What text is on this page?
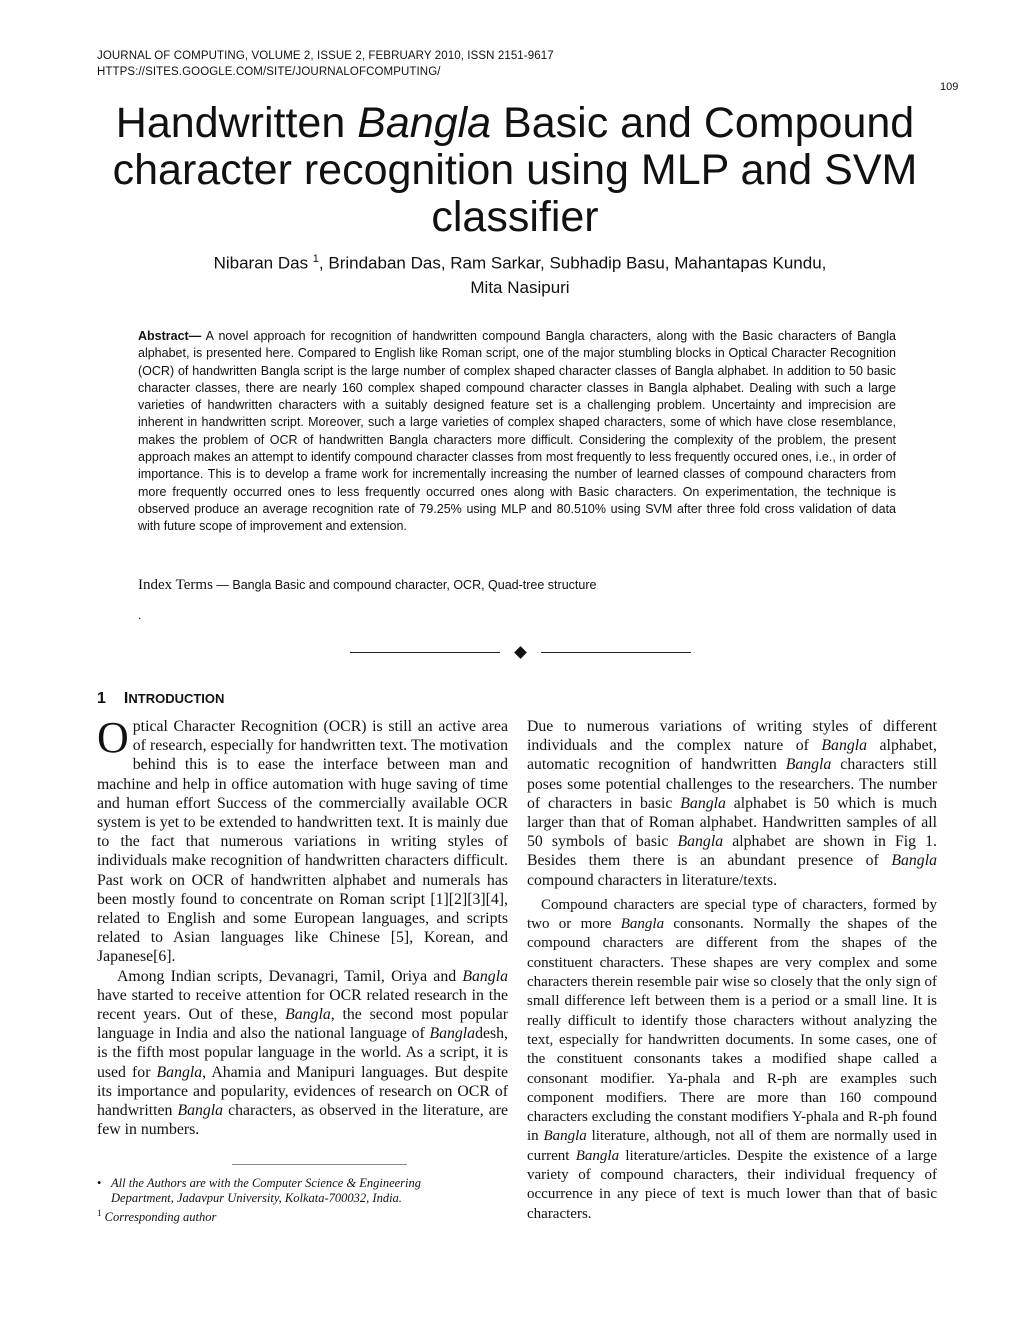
JOURNAL OF COMPUTING, VOLUME 2, ISSUE 2, FEBRUARY 2010, ISSN 2151-9617
HTTPS://SITES.GOOGLE.COM/SITE/JOURNALOFCOMPUTING/
109
Handwritten Bangla Basic and Compound character recognition using MLP and SVM classifier
Nibaran Das $^1$, Brindaban Das, Ram Sarkar, Subhadip Basu, Mahantapas Kundu,
Mita Nasipuri

Abstract— A novel approach for recognition of handwritten compound Bangla characters, along with the Basic characters of Bangla alphabet, is presented here. Compared to English like Roman script, one of the major stumbling blocks in Optical Character Recognition (OCR) of handwritten Bangla script is the large number of complex shaped character classes of Bangla alphabet. In addition to 50 basic character classes, there are nearly 160 complex shaped compound character classes in Bangla alphabet. Dealing with such a large varieties of handwritten characters with a suitably designed feature set is a challenging problem. Uncertainty and imprecision are inherent in handwritten script. Moreover, such a large varieties of complex shaped characters, some of which have close resemblance, makes the problem of OCR of handwritten Bangla characters more difficult. Considering the complexity of the problem, the present approach makes an attempt to identify compound character classes from most frequently to less frequently occured ones, i.e., in order of importance. This is to develop a frame work for incrementally increasing the number of learned classes of compound characters from more frequently occurred ones to less frequently occurred ones along with Basic characters. On experimentation, the technique is observed produce an average recognition rate of 79.25% using MLP and 80.510% using SVM after three fold cross validation of data with future scope of improvement and extension.

Index Terms — Bangla Basic and compound character, OCR, Quad-tree structure
.
1 INTRODUCTION

Optical Character Recognition (OCR) is still an active area of research, especially for handwritten text. The motivation behind this is to ease the interface between man and machine and help in office automation with huge saving of time and human effort Success of the commercially available OCR system is yet to be extended to handwritten text. It is mainly due to the fact that numerous variations in writing styles of individuals make recognition of handwritten characters difficult. Past work on OCR of handwritten alphabet and numerals has been mostly found to concentrate on Roman script [1][2][3][4], related to English and some European languages, and scripts related to Asian languages like Chinese [5], Korean, and Japanese[6].

Among Indian scripts, Devanagri, Tamil, Oriya and Bangla have started to receive attention for OCR related research in the recent years. Out of these, Bangla, the second most popular language in India and also the national language of Bangladesh, is the fifth most popular language in the world. As a script, it is used for Bangla, Ahamia and Manipuri languages. But despite its importance and popularity, evidences of research on OCR of handwritten Bangla characters, as observed in the literature, are few in numbers.

• All the Authors are with the Computer Science & Engineering
Department, Jadavpur University, Kolkata-700032, India.
$^1$ Corresponding author

Due to numerous variations of writing styles of different individuals and the complex nature of Bangla alphabet, automatic recognition of handwritten Bangla characters still poses some potential challenges to the researchers. The number of characters in basic Bangla alphabet is 50 which is much larger than that of Roman alphabet. Handwritten samples of all 50 symbols of basic Bangla alphabet are shown in Fig 1. Besides them there is an abundant presence of Bangla compound characters in literature/texts.

Compound characters are special type of characters, formed by two or more Bangla consonants. Normally the shapes of the compound characters are different from the shapes of the constituent characters. These shapes are very complex and some characters therein resemble pair wise so closely that the only sign of small difference left between them is a period or a small line. It is really difficult to identify those characters without analyzing the text, especially for handwritten documents. In some cases, one of the constituent consonants takes a modified shape called a consonant modifier. Ya-phala and R-ph are examples such component modifiers. There are more than 160 compound characters excluding the constant modifiers Y-phala and R-ph found in Bangla literature, although, not all of them are normally used in current Bangla literature/articles. Despite the existence of a large variety of compound characters, their individual frequency of occurrence in any piece of text is much lower than that of basic characters.
